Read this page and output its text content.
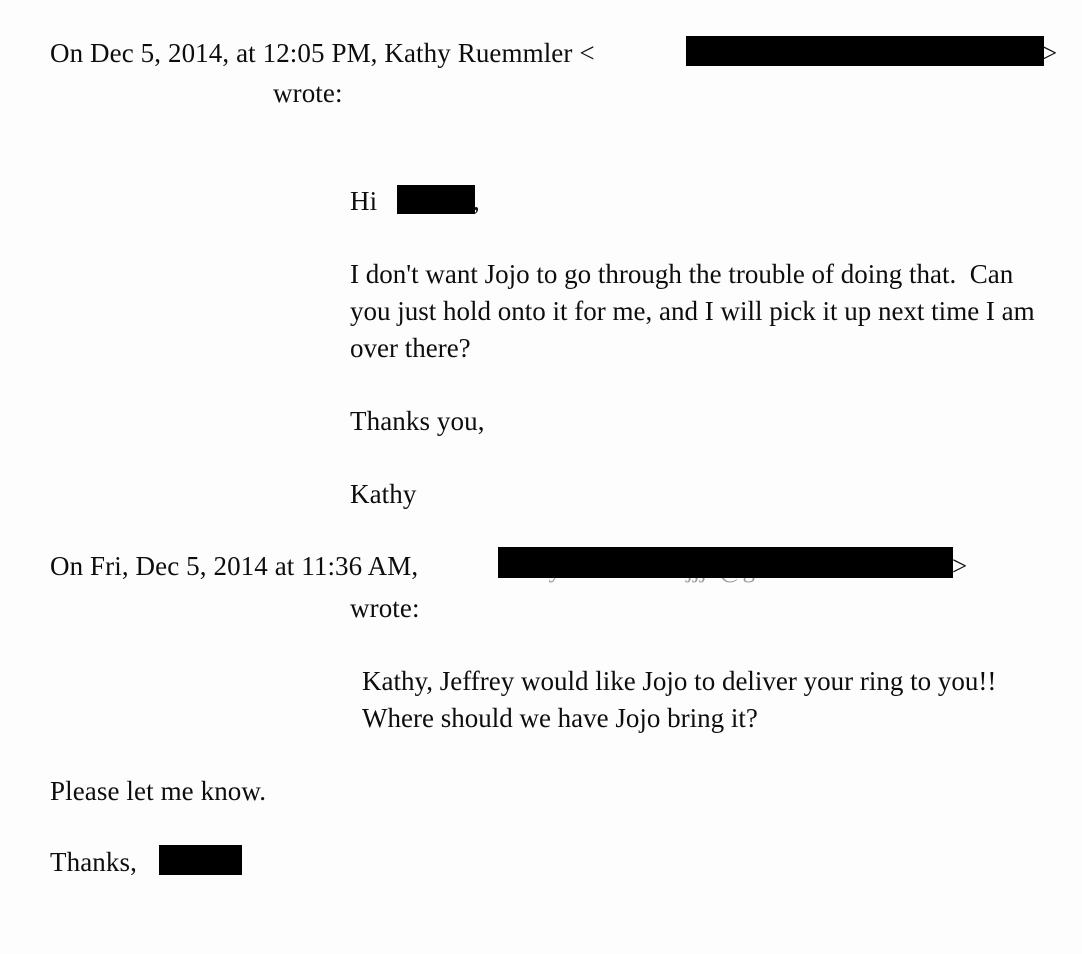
On Dec 5, 2014, at 12:05 PM, Kathy Ruemmler <	>
wrote:
Hi	,
I don't want Jojo to go through the trouble of doing that.  Can you just hold onto it for me, and I will pick it up next time I am over there?
Thanks you,
Kathy
On Fri, Dec 5, 2014 at 11:36 AM,	>
wrote:
Kathy, Jeffrey would like Jojo to deliver your ring to you!!  Where should we have Jojo bring it?
Please let me know.
Thanks,
